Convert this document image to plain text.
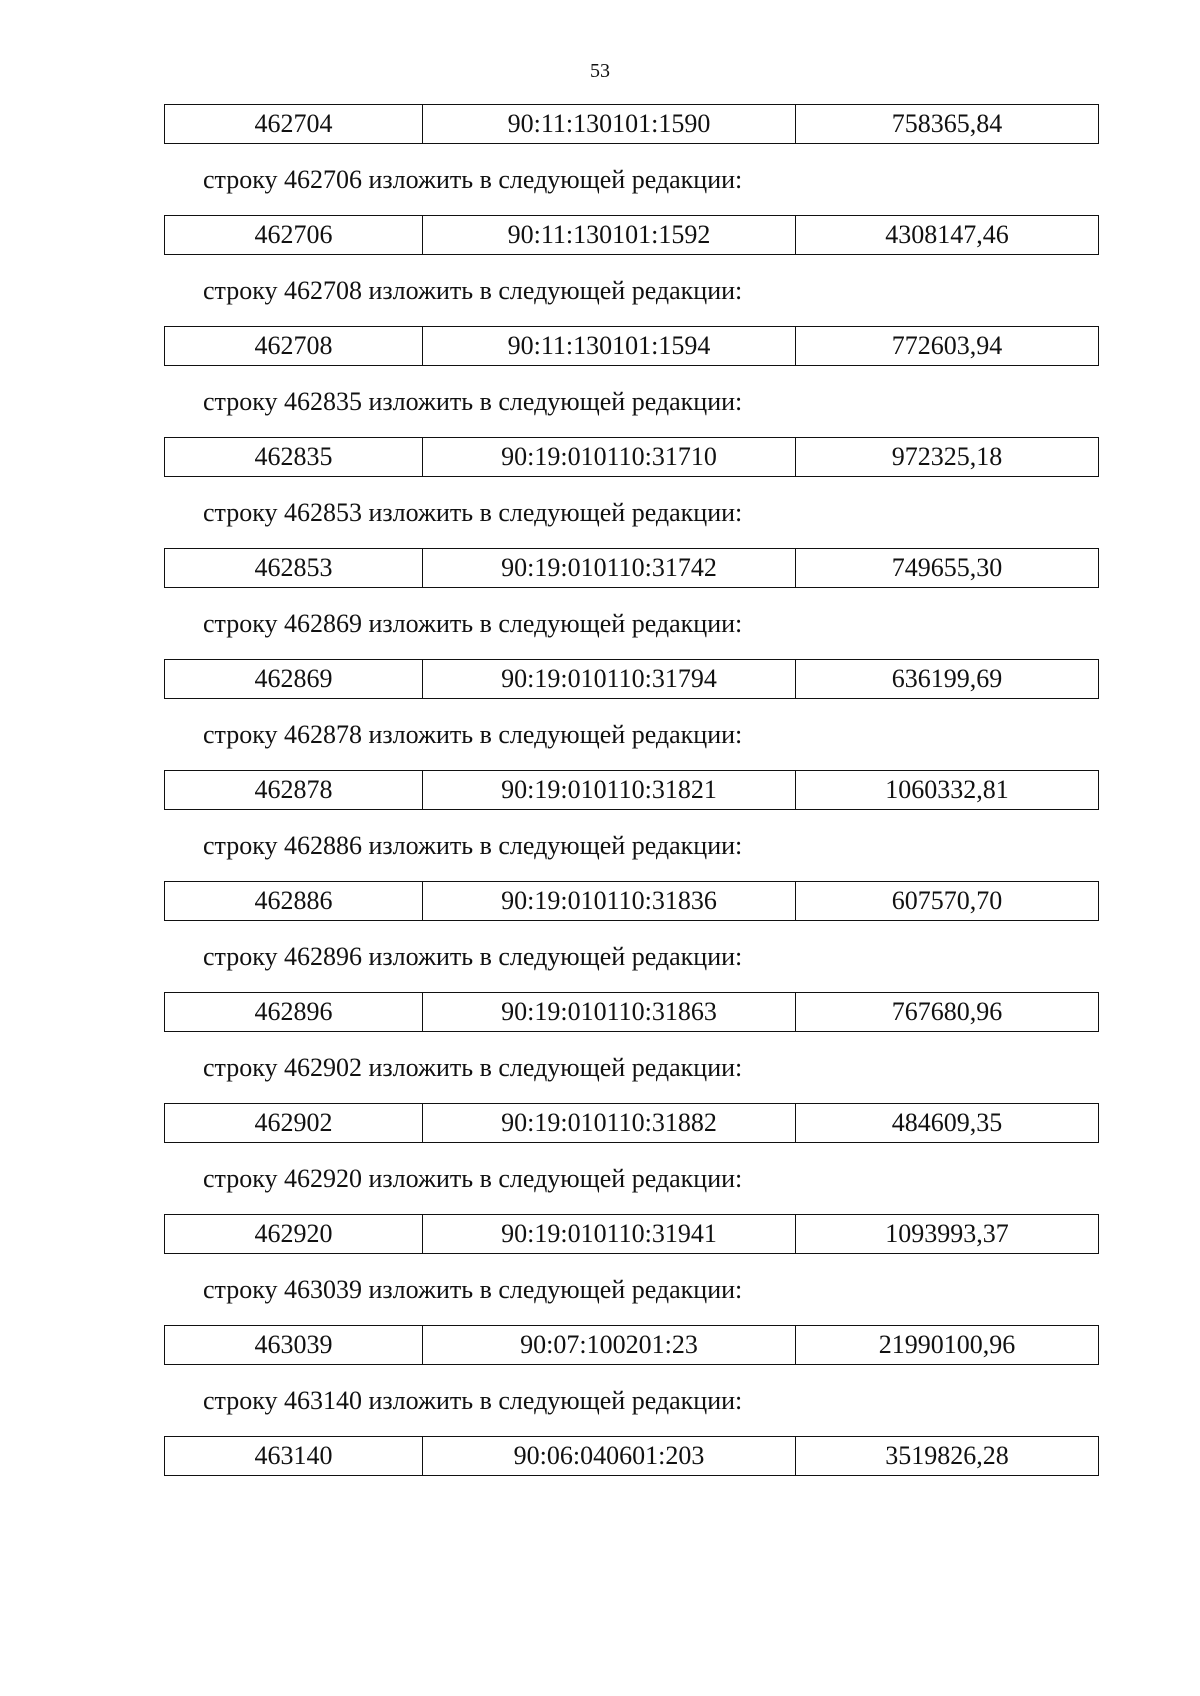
53
462704	90:11:130101:1590	758365,84
строку 462706 изложить в следующей редакции:
462706	90:11:130101:1592	4308147,46
строку 462708 изложить в следующей редакции:
462708	90:11:130101:1594	772603,94
строку 462835 изложить в следующей редакции:
462835	90:19:010110:31710	972325,18
строку 462853 изложить в следующей редакции:
462853	90:19:010110:31742	749655,30
строку 462869 изложить в следующей редакции:
462869	90:19:010110:31794	636199,69
строку 462878 изложить в следующей редакции:
462878	90:19:010110:31821	1060332,81
строку 462886 изложить в следующей редакции:
462886	90:19:010110:31836	607570,70
строку 462896 изложить в следующей редакции:
462896	90:19:010110:31863	767680,96
строку 462902 изложить в следующей редакции:
462902	90:19:010110:31882	484609,35
строку 462920 изложить в следующей редакции:
462920	90:19:010110:31941	1093993,37
строку 463039 изложить в следующей редакции:
463039	90:07:100201:23	21990100,96
строку 463140 изложить в следующей редакции:
463140	90:06:040601:203	3519826,28
